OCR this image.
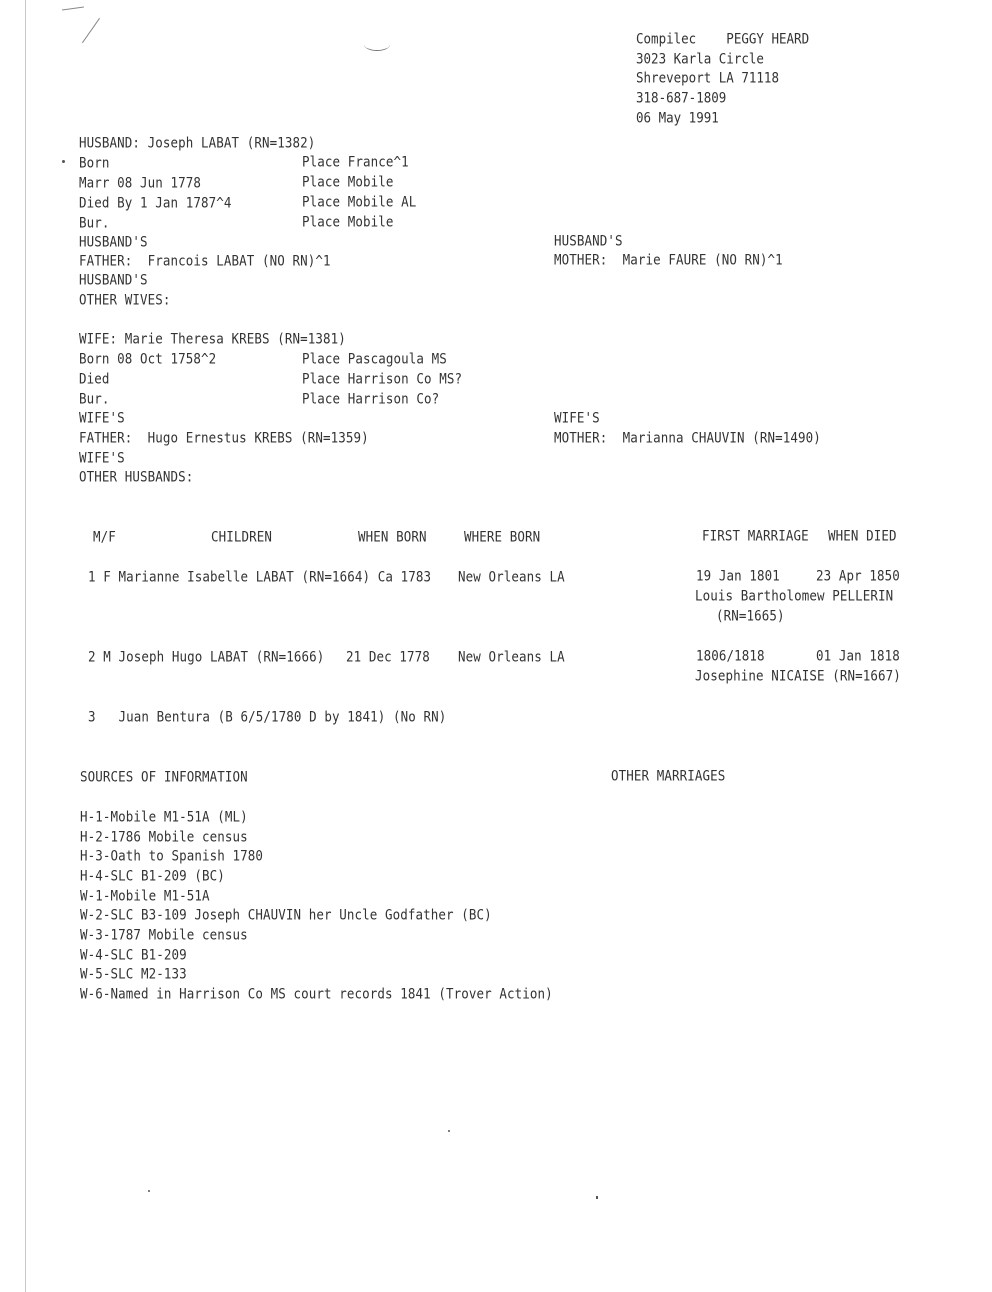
Compilec    PEGGY HEARD
3023 Karla Circle
Shreveport LA 71118
318-687-1809
06 May 1991
HUSBAND: Joseph LABAT (RN=1382)
Born	Place France^1
Marr 08 Jun 1778	Place Mobile
Died By 1 Jan 1787^4	Place Mobile AL
Bur.	Place Mobile
HUSBAND'S
FATHER:  Francois LABAT (NO RN)^1
HUSBAND'S
MOTHER:  Marie FAURE (NO RN)^1
HUSBAND'S
OTHER WIVES:
WIFE: Marie Theresa KREBS (RN=1381)
Born 08 Oct 1758^2	Place Pascagoula MS
Died	Place Harrison Co MS?
Bur.	Place Harrison Co?
WIFE'S
FATHER:  Hugo Ernestus KREBS (RN=1359)
WIFE'S
MOTHER:  Marianna CHAUVIN (RN=1490)
WIFE'S
OTHER HUSBANDS:
M/F	CHILDREN	WHEN BORN	WHERE BORN	FIRST MARRIAGE WHEN DIED
1 F Marianne Isabelle LABAT (RN=1664) Ca 1783 New Orleans LA	19 Jan 1801	23 Apr 1850
Louis Bartholomew PELLERIN
(RN=1665)
2 M Joseph Hugo LABAT (RN=1666) 21 Dec 1778 New Orleans LA	1806/1818	01 Jan 1818
Josephine NICAISE (RN=1667)
3   Juan Bentura (B 6/5/1780 D by 1841) (No RN)
SOURCES OF INFORMATION	OTHER MARRIAGES
H-1-Mobile M1-51A (ML)
H-2-1786 Mobile census
H-3-Oath to Spanish 1780
H-4-SLC B1-209 (BC)
W-1-Mobile M1-51A
W-2-SLC B3-109 Joseph CHAUVIN her Uncle Godfather (BC)
W-3-1787 Mobile census
W-4-SLC B1-209
W-5-SLC M2-133
W-6-Named in Harrison Co MS court records 1841 (Trover Action)
